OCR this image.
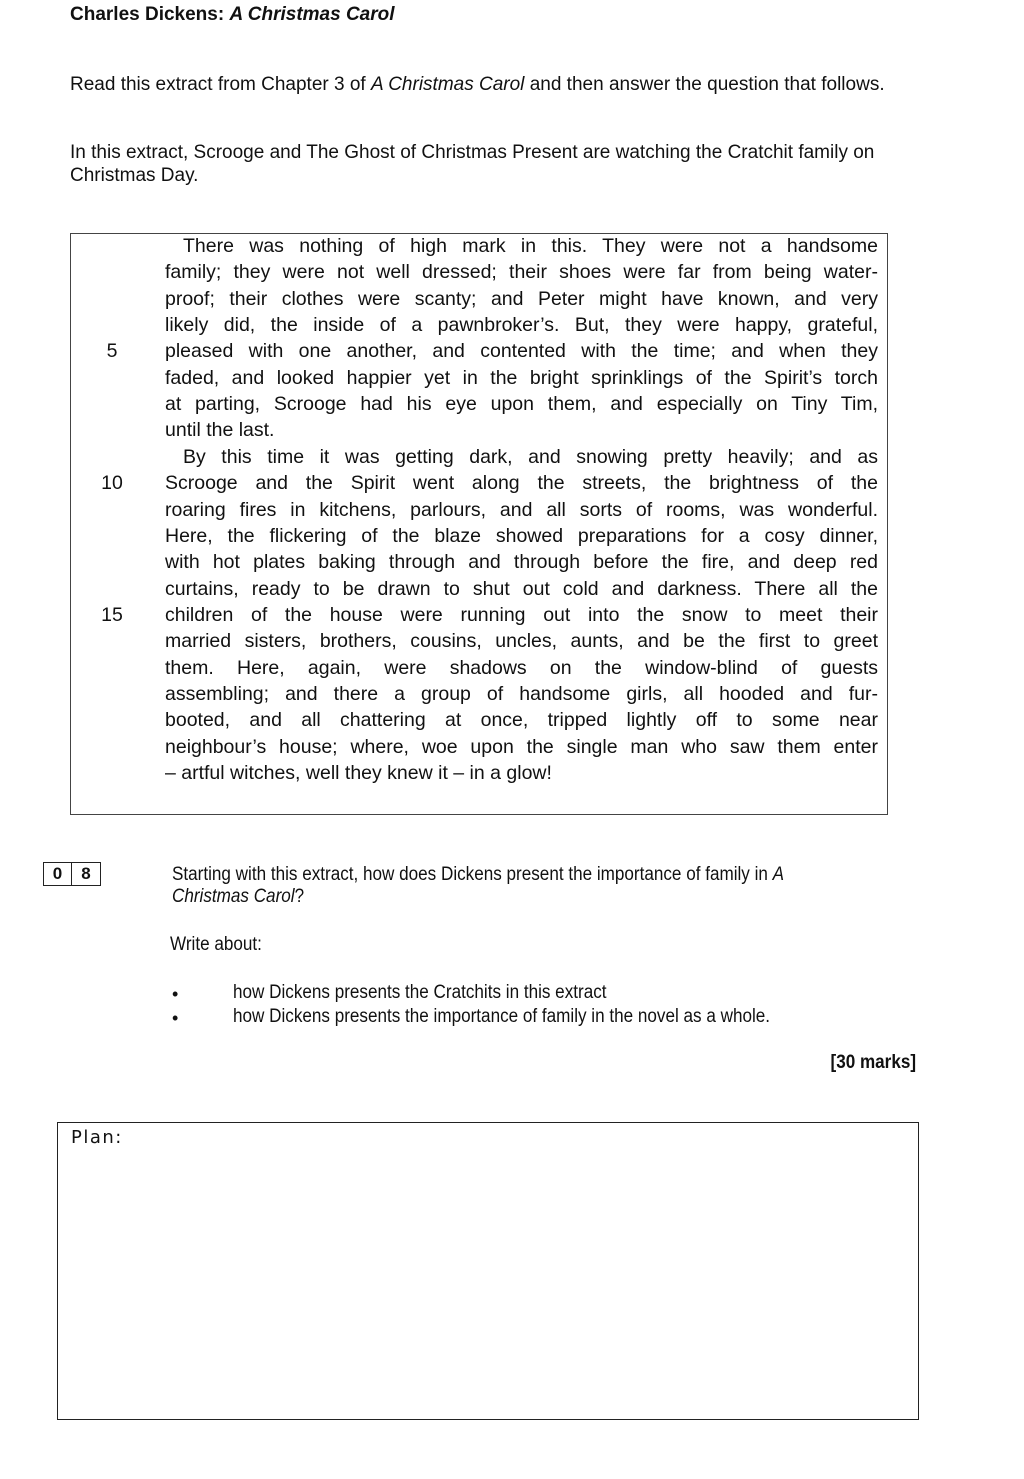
Charles Dickens: A Christmas Carol
Read this extract from Chapter 3 of A Christmas Carol and then answer the question that follows.
In this extract, Scrooge and The Ghost of Christmas Present are watching the Cratchit family on Christmas Day.
There was nothing of high mark in this. They were not a handsome
family; they were not well dressed; their shoes were far from being water-
proof; their clothes were scanty; and Peter might have known, and very
likely did, the inside of a pawnbroker’s. But, they were happy, grateful,
pleased with one another, and contented with the time; and when they
faded, and looked happier yet in the bright sprinklings of the Spirit’s torch
at parting, Scrooge had his eye upon them, and especially on Tiny Tim,
until the last.
By this time it was getting dark, and snowing pretty heavily; and as
Scrooge and the Spirit went along the streets, the brightness of the
roaring fires in kitchens, parlours, and all sorts of rooms, was wonderful.
Here, the flickering of the blaze showed preparations for a cosy dinner,
with hot plates baking through and through before the fire, and deep red
curtains, ready to be drawn to shut out cold and darkness. There all the
children of the house were running out into the snow to meet their
married sisters, brothers, cousins, uncles, aunts, and be the first to greet
them. Here, again, were shadows on the window-blind of guests
assembling; and there a group of handsome girls, all hooded and fur-
booted, and all chattering at once, tripped lightly off to some near
neighbour’s house; where, woe upon the single man who saw them enter
– artful witches, well they knew it – in a glow!
5
10
15
0	8	Starting with this extract, how does Dickens present the importance of family in A Christmas Carol?
Write about:
•	how Dickens presents the Cratchits in this extract
•	how Dickens presents the importance of family in the novel as a whole.
[30 marks]
Plan:
